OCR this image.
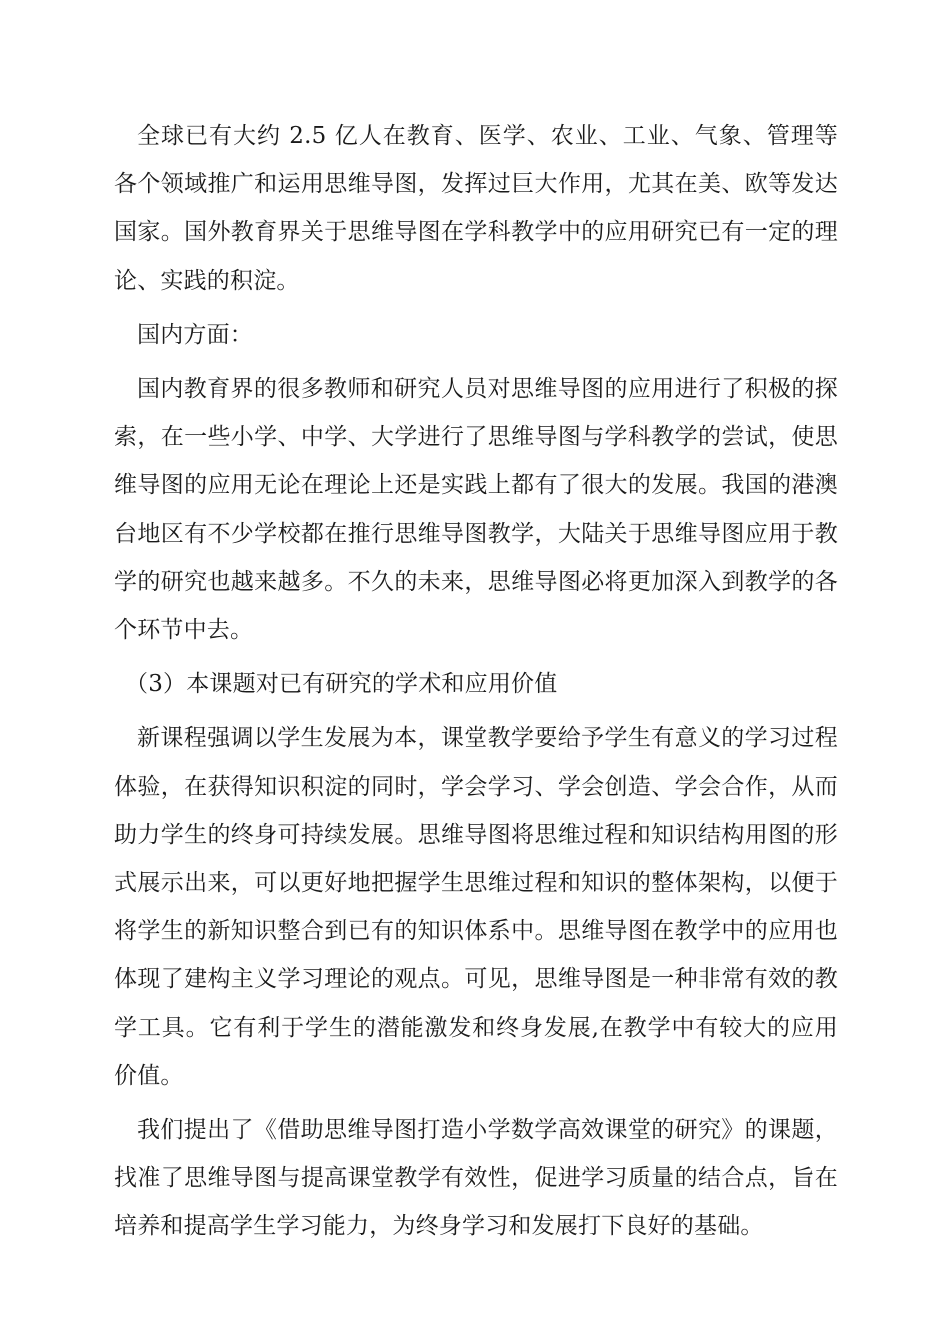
全球已有大约 2.5 亿人在教育、医学、农业、工业、气象、管理等各个领域推广和运用思维导图，发挥过巨大作用，尤其在美、欧等发达国家。国外教育界关于思维导图在学科教学中的应用研究已有一定的理论、实践的积淀。

国内方面：

国内教育界的很多教师和研究人员对思维导图的应用进行了积极的探索，在一些小学、中学、大学进行了思维导图与学科教学的尝试，使思维导图的应用无论在理论上还是实践上都有了很大的发展。我国的港澳台地区有不少学校都在推行思维导图教学，大陆关于思维导图应用于教学的研究也越来越多。不久的未来，思维导图必将更加深入到教学的各个环节中去。

（3）本课题对已有研究的学术和应用价值

新课程强调以学生发展为本，课堂教学要给予学生有意义的学习过程体验，在获得知识积淀的同时，学会学习、学会创造、学会合作，从而助力学生的终身可持续发展。思维导图将思维过程和知识结构用图的形式展示出来，可以更好地把握学生思维过程和知识的整体架构，以便于将学生的新知识整合到已有的知识体系中。思维导图在教学中的应用也体现了建构主义学习理论的观点。可见，思维导图是一种非常有效的教学工具。它有利于学生的潜能激发和终身发展,在教学中有较大的应用价值。

我们提出了《借助思维导图打造小学数学高效课堂的研究》的课题，找准了思维导图与提高课堂教学有效性，促进学习质量的结合点，旨在培养和提高学生学习能力，为终身学习和发展打下良好的基础。
